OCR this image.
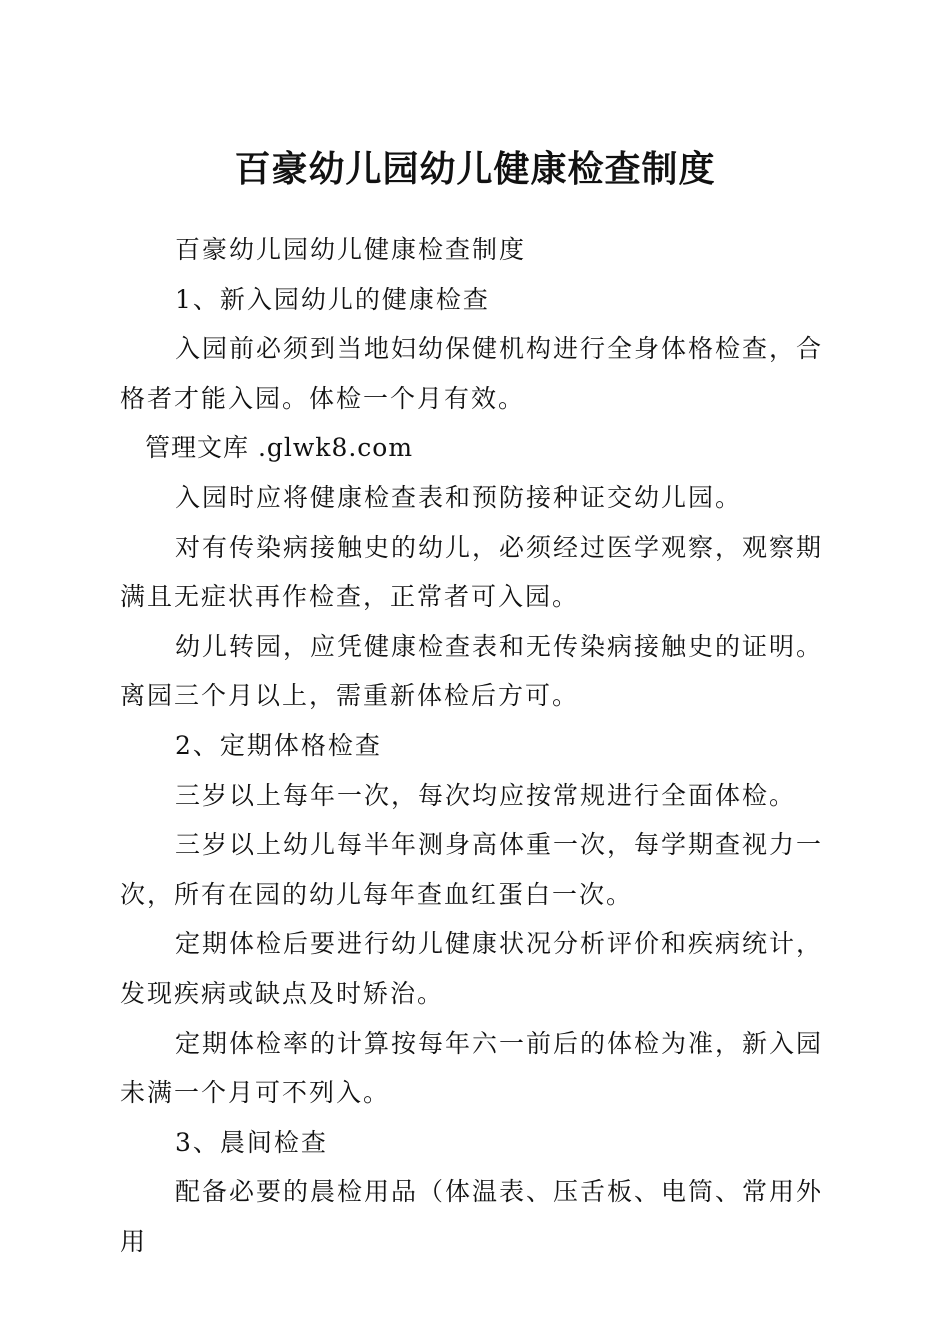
百豪幼儿园幼儿健康检查制度

百豪幼儿园幼儿健康检查制度

1、新入园幼儿的健康检查

入园前必须到当地妇幼保健机构进行全身体格检查，合格者才能入园。体检一个月有效。

管理文库 .glwk8.com

入园时应将健康检查表和预防接种证交幼儿园。

对有传染病接触史的幼儿，必须经过医学观察，观察期满且无症状再作检查，正常者可入园。

幼儿转园，应凭健康检查表和无传染病接触史的证明。离园三个月以上，需重新体检后方可。

2、定期体格检查

三岁以上每年一次，每次均应按常规进行全面体检。

三岁以上幼儿每半年测身高体重一次，每学期查视力一次，所有在园的幼儿每年查血红蛋白一次。

定期体检后要进行幼儿健康状况分析评价和疾病统计，发现疾病或缺点及时矫治。

定期体检率的计算按每年六一前后的体检为准，新入园未满一个月可不列入。

3、晨间检查

配备必要的晨检用品（体温表、压舌板、电筒、常用外用
